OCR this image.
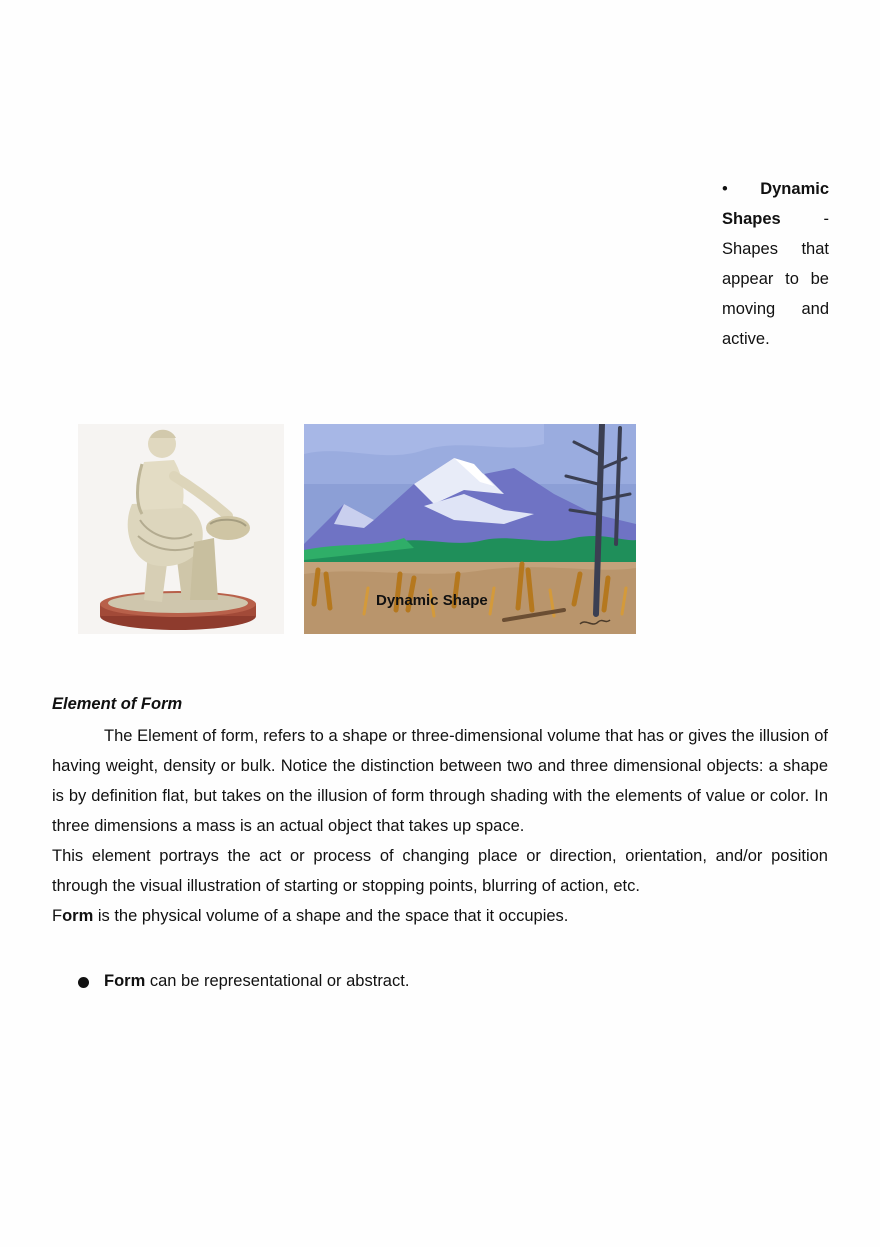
• Dynamic
Shapes	-
Shapes that
appear to be
moving and
active.
Dynamic Shape
Element of Form
The Element of form, refers to a shape or three-dimensional volume that has or gives the illusion of having weight, density or bulk. Notice the distinction between two and three dimensional objects: a shape is by definition flat, but takes on the illusion of form through shading with the elements of value or color. In three dimensions a mass is an actual object that takes up space.
This element portrays the act or process of changing place or direction, orientation, and/or position through the visual illustration of starting or stopping points, blurring of action, etc.
Form is the physical volume of a shape and the space that it occupies.
Form can be representational or abstract.
